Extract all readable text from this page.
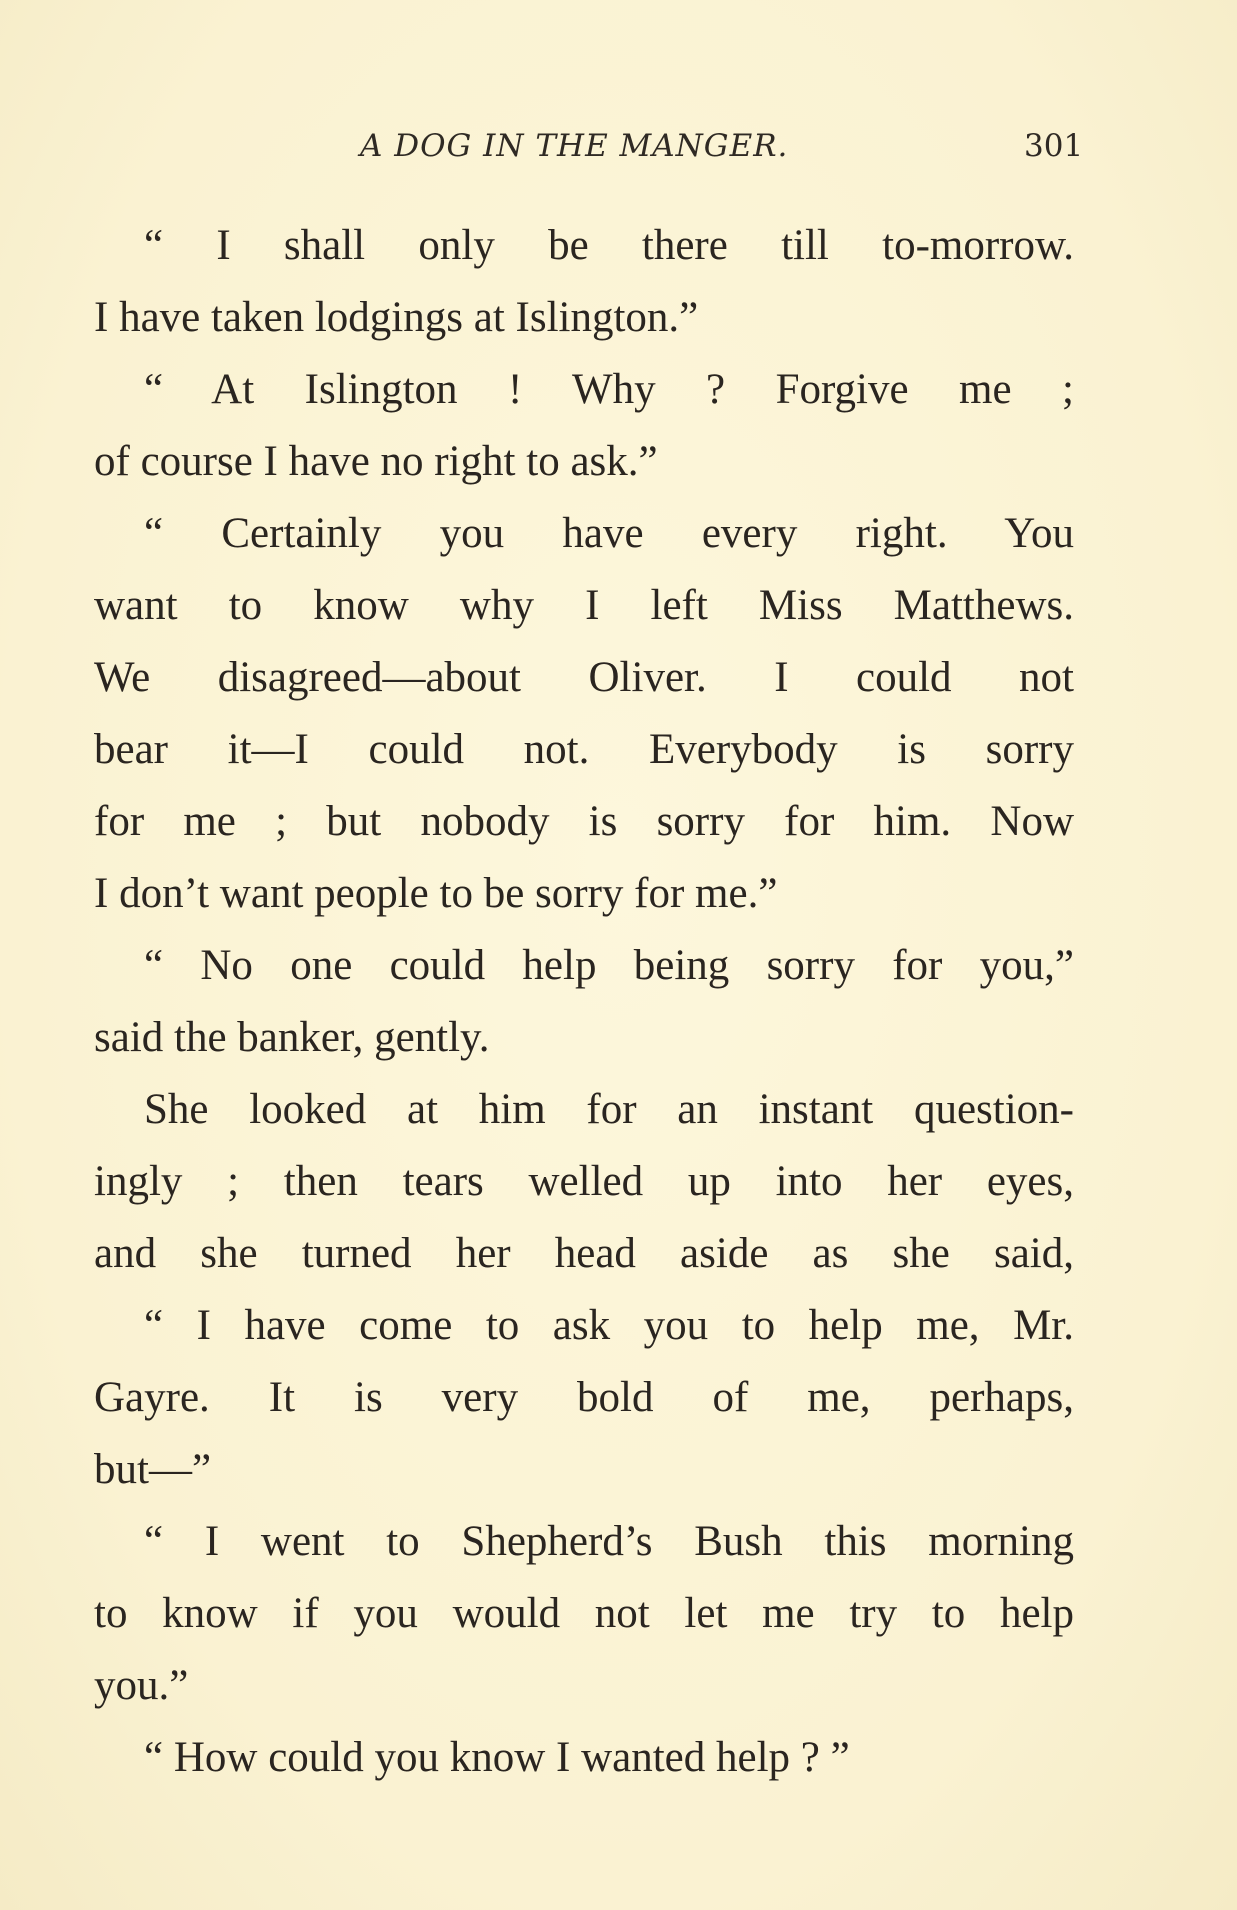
A DOG IN THE MANGER.	301
“ I shall only be there till to-morrow.
I have taken lodgings at Islington.”
“ At Islington ! Why ? Forgive me ;
of course I have no right to ask.”
“ Certainly you have every right. You
want to know why I left Miss Matthews.
We disagreed—about Oliver. I could not
bear it—I could not. Everybody is sorry
for me ; but nobody is sorry for him. Now
I don’t want people to be sorry for me.”
“ No one could help being sorry for you,”
said the banker, gently.
She looked at him for an instant question-
ingly ; then tears welled up into her eyes,
and she turned her head aside as she said,
“ I have come to ask you to help me, Mr.
Gayre. It is very bold of me, perhaps,
but—”
“ I went to Shepherd’s Bush this morning
to know if you would not let me try to help
you.”
“ How could you know I wanted help ? ”
